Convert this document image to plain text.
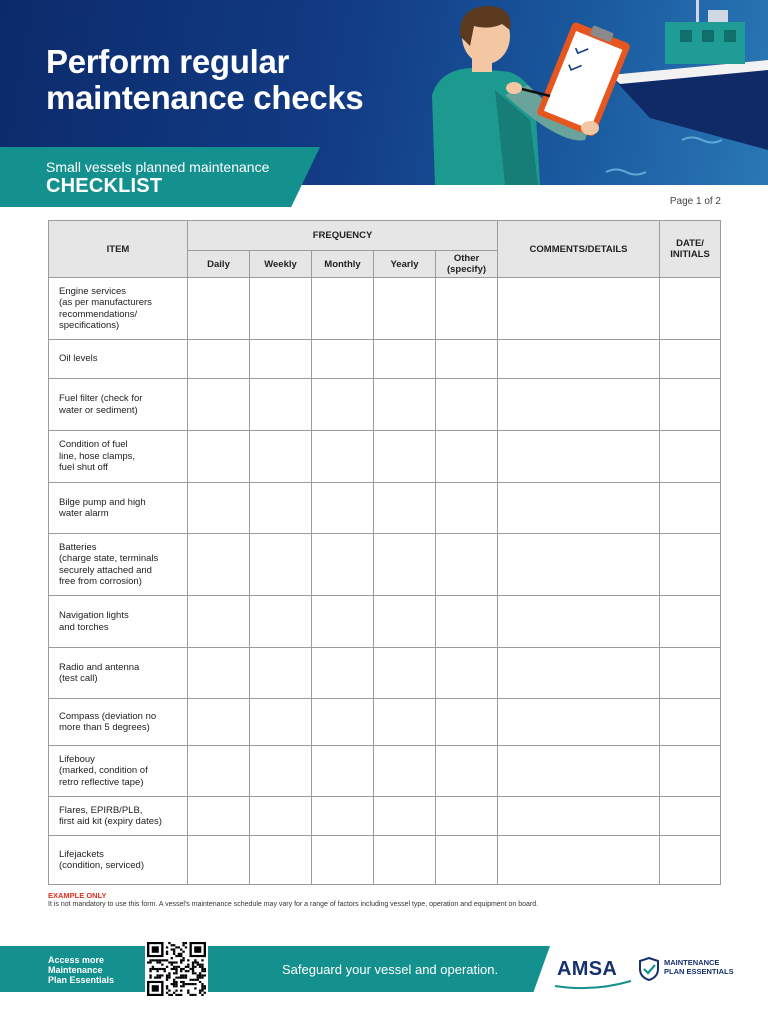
Perform regular
maintenance checks
Small vessels planned maintenance
CHECKLIST
Page 1 of 2
ITEM	FREQUENCY					COMMENTS/DETAILS	DATE/
INITIALS

	Daily	Weekly	Monthly	Yearly	Other
(specify)		

Engine services
(as per manufacturers
recommendations/
specifications)							

Oil levels							

Fuel filter (check for
water or sediment)							

Condition of fuel
line, hose clamps,
fuel shut off							

Bilge pump and high
water alarm							

Batteries
(charge state, terminals
securely attached and
free from corrosion)							

Navigation lights
and torches							

Radio and antenna
(test call)							

Compass (deviation no
more than 5 degrees)							

Lifebouy
(marked, condition of
retro reflective tape)							

Flares, EPIRB/PLB,
first aid kit (expiry dates)							

Lifejackets
(condition, serviced)							

EXAMPLE ONLY
It is not mandatory to use this form. A vessel's maintenance schedule may vary for a range of factors including vessel type, operation and equipment on board.
Access more
Maintenance
Plan Essentials
Safeguard your vessel and operation.	AMSA	MAINTENANCE
PLAN ESSENTIALS
